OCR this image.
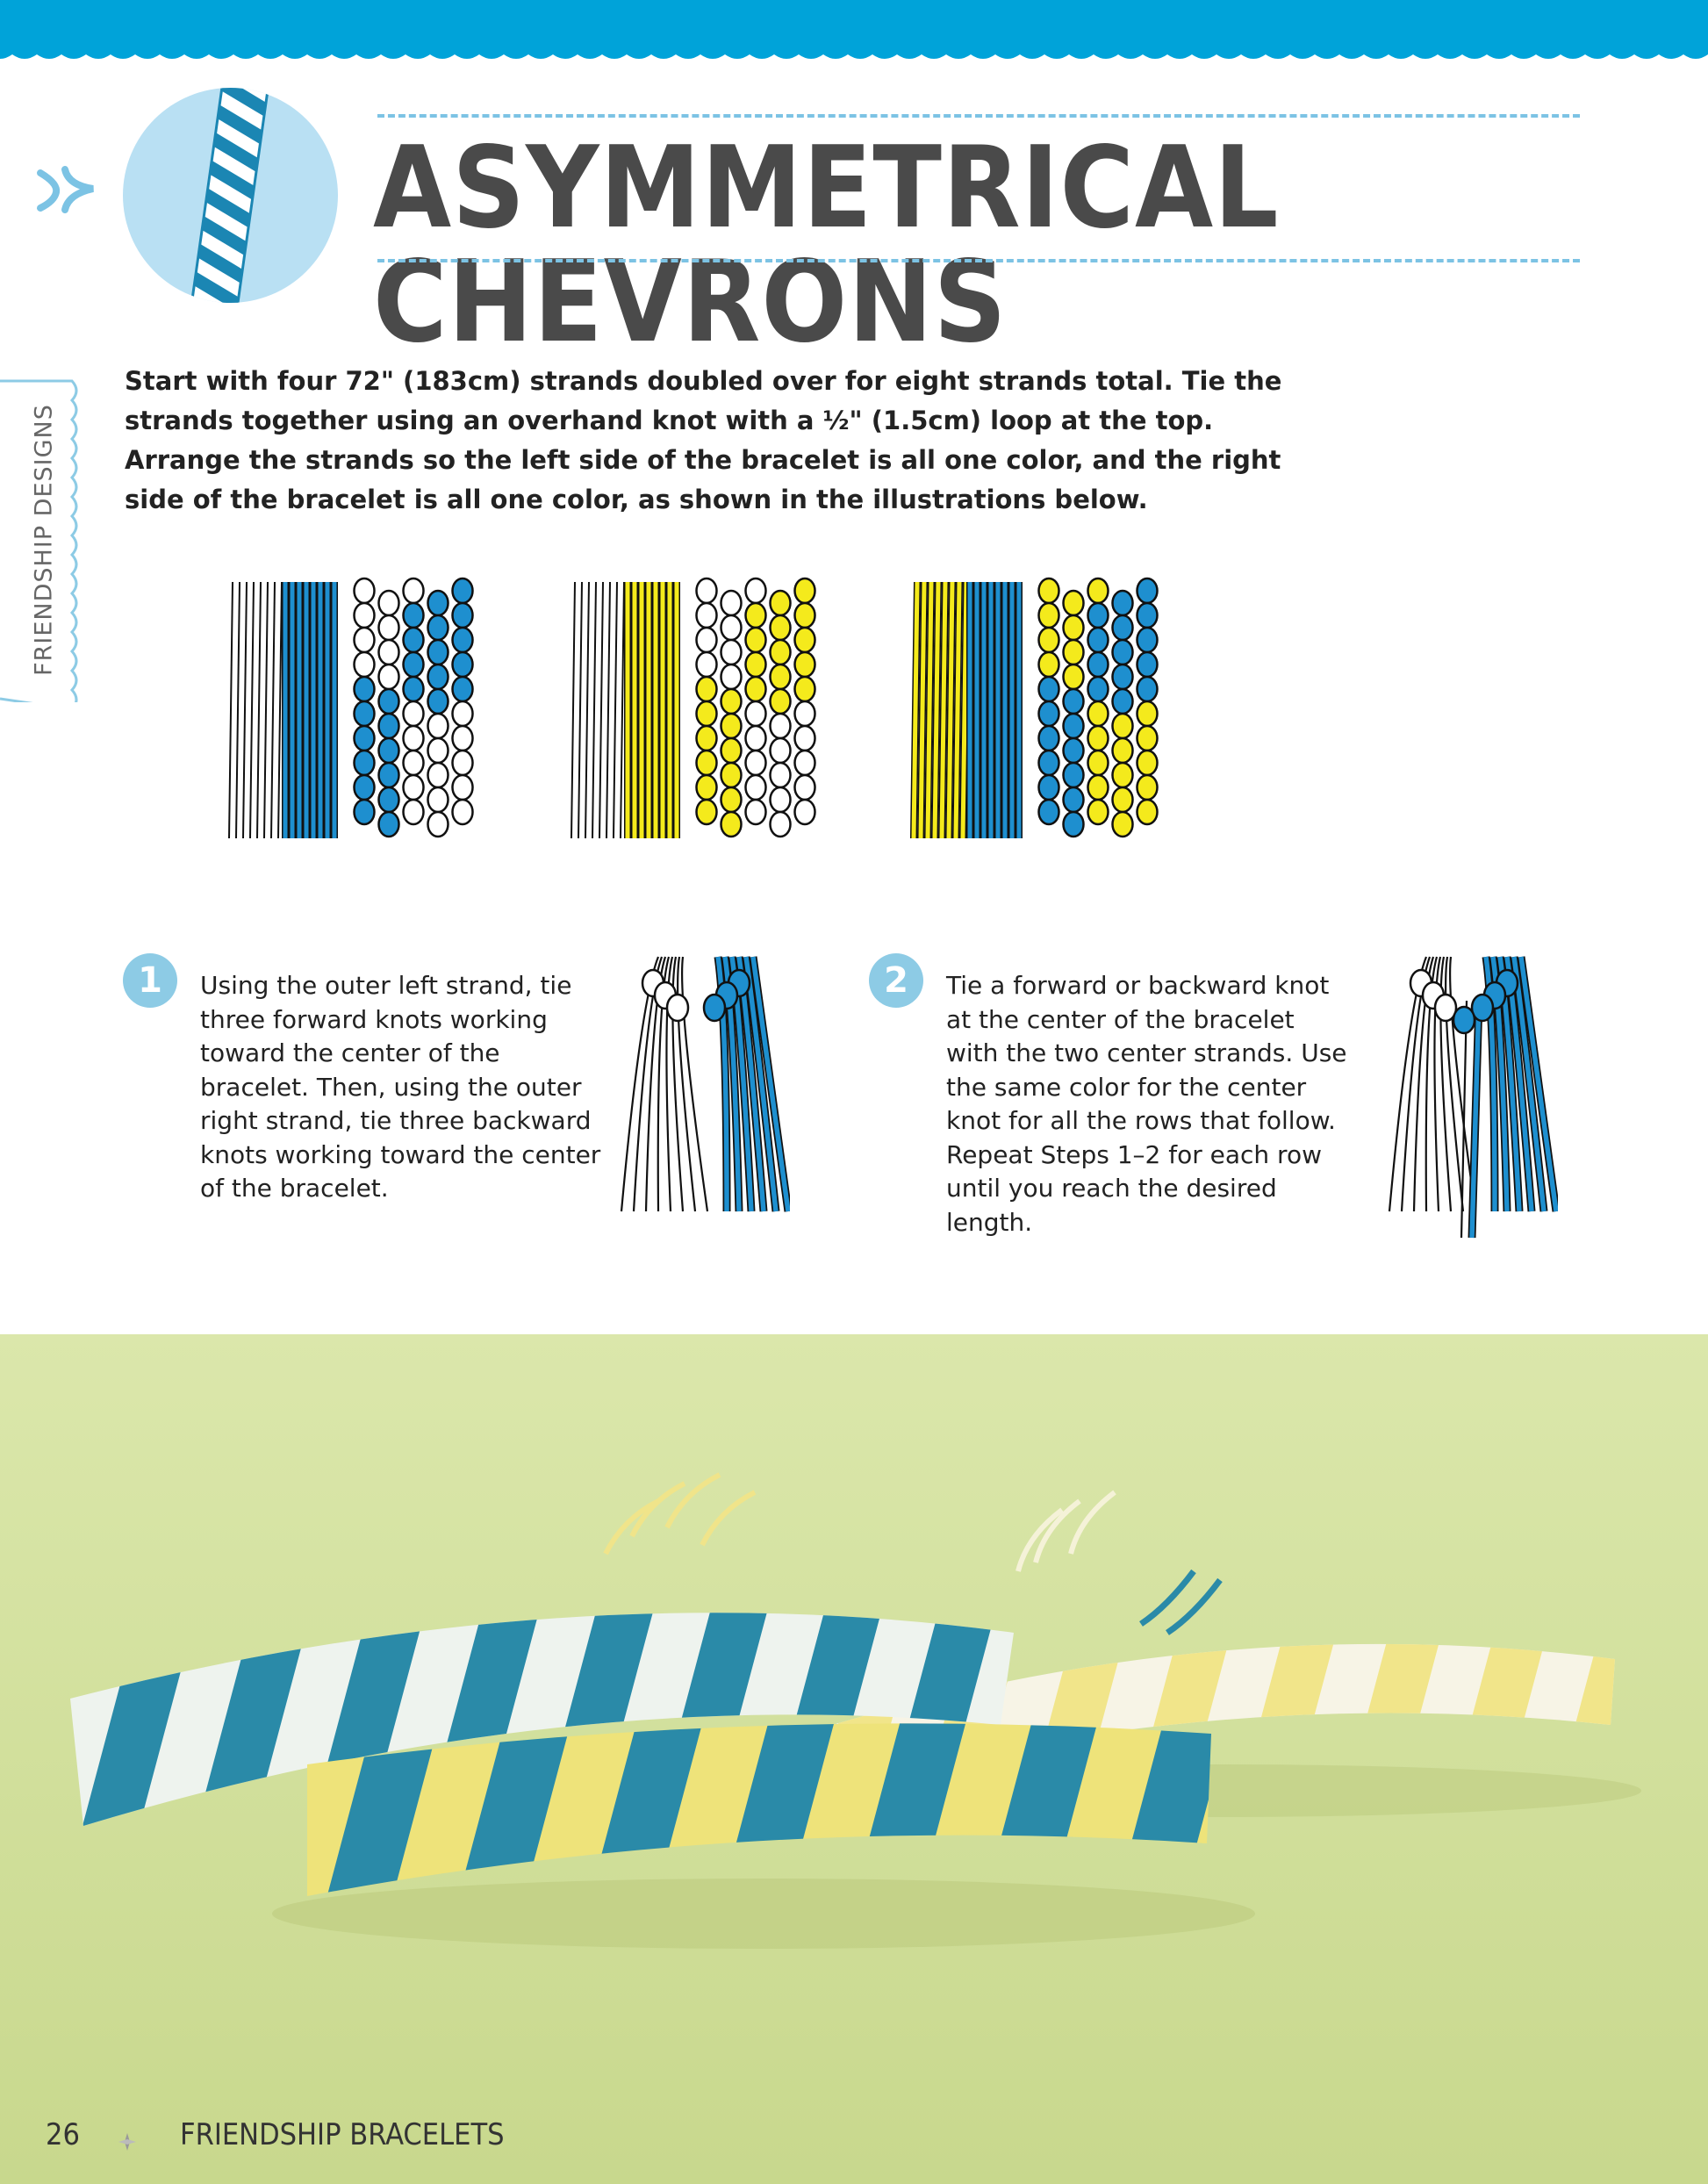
FRIENDSHIP DESIGNS
ASYMMETRICAL CHEVRONS

Start with four 72" (183cm) strands doubled over for eight strands total. Tie the strands together using an overhand knot with a ½" (1.5cm) loop at the top. Arrange the strands so the left side of the bracelet is all one color, and the right side of the bracelet is all one color, as shown in the illustrations below.

1	Using the outer left strand, tie three forward knots working toward the center of the bracelet. Then, using the outer right strand, tie three backward knots working toward the center of the bracelet.

2	Tie a forward or backward knot at the center of the bracelet with the two center strands. Use the same color for the center knot for all the rows that follow. Repeat Steps 1–2 for each row until you reach the desired length.

26	FRIENDSHIP BRACELETS
